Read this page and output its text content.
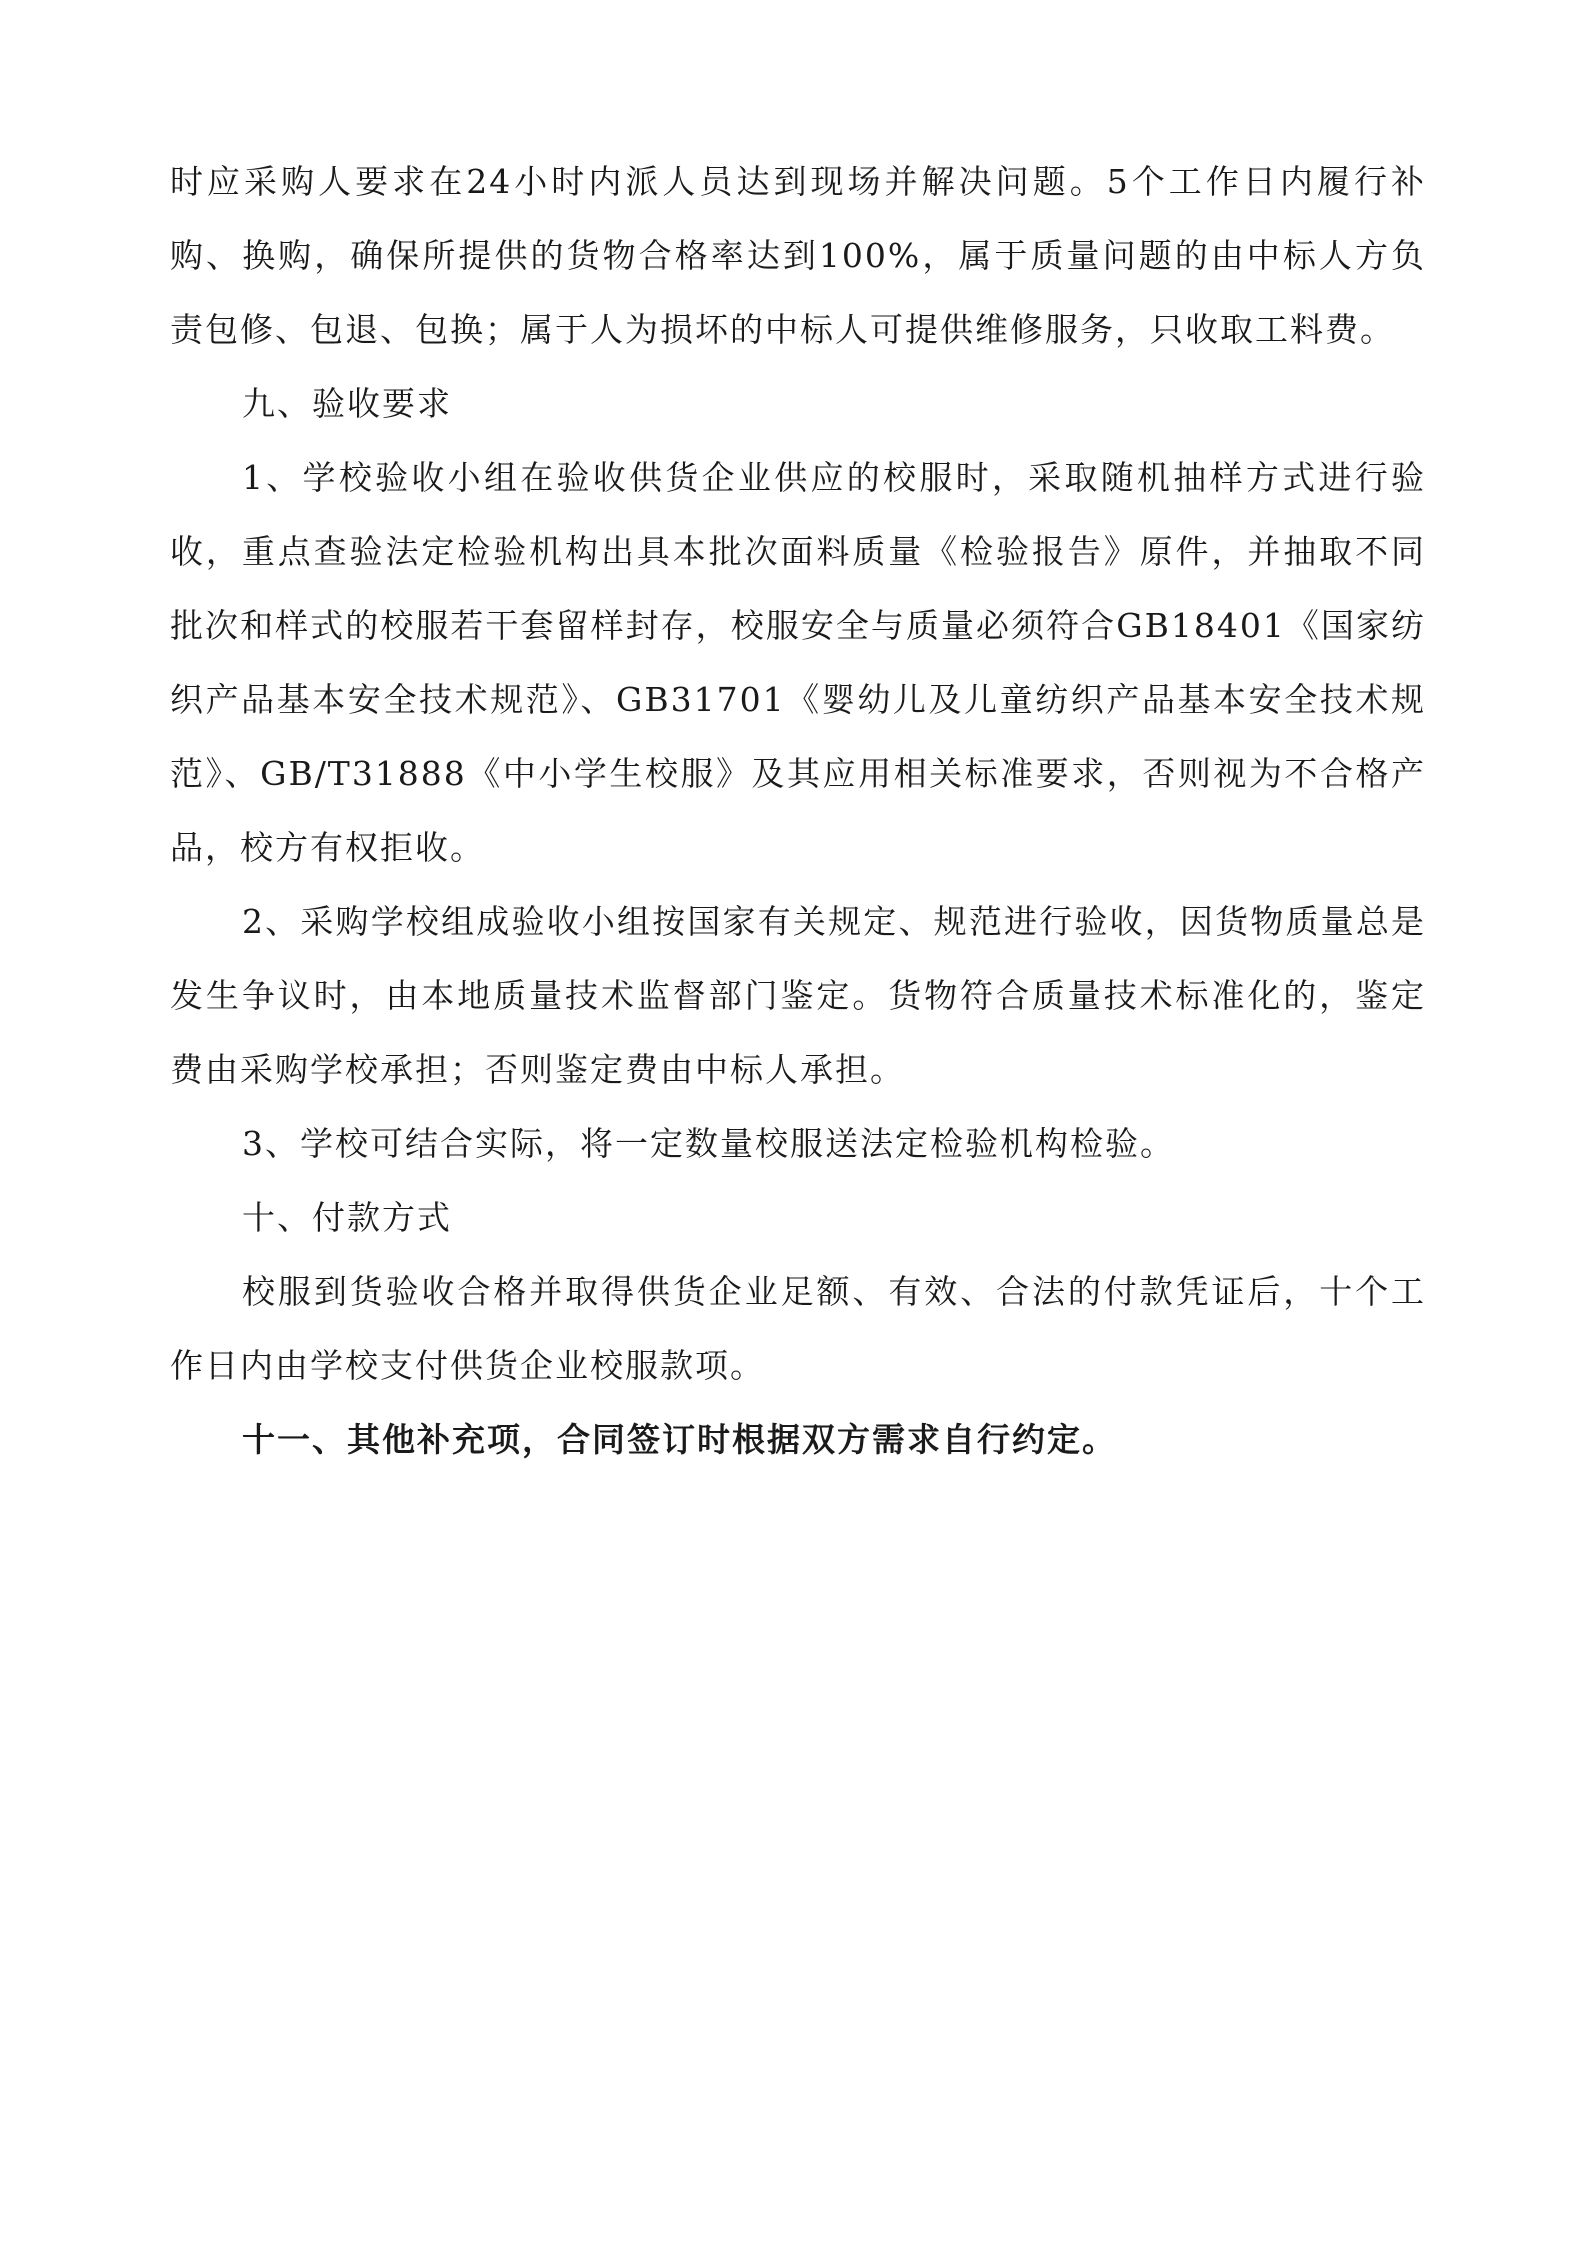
时应采购人要求在24小时内派人员达到现场并解决问题。5个工作日内履行补购、换购，确保所提供的货物合格率达到100%，属于质量问题的由中标人方负责包修、包退、包换；属于人为损坏的中标人可提供维修服务，只收取工料费。

九、验收要求

1、学校验收小组在验收供货企业供应的校服时，采取随机抽样方式进行验收，重点查验法定检验机构出具本批次面料质量《检验报告》原件，并抽取不同批次和样式的校服若干套留样封存，校服安全与质量必须符合GB18401《国家纺织产品基本安全技术规范》、GB31701《婴幼儿及儿童纺织产品基本安全技术规范》、GB/T31888《中小学生校服》及其应用相关标准要求，否则视为不合格产品，校方有权拒收。

2、采购学校组成验收小组按国家有关规定、规范进行验收，因货物质量总是发生争议时，由本地质量技术监督部门鉴定。货物符合质量技术标准化的，鉴定费由采购学校承担；否则鉴定费由中标人承担。

3、学校可结合实际，将一定数量校服送法定检验机构检验。

十、付款方式

校服到货验收合格并取得供货企业足额、有效、合法的付款凭证后，十个工作日内由学校支付供货企业校服款项。

十一、其他补充项，合同签订时根据双方需求自行约定。
